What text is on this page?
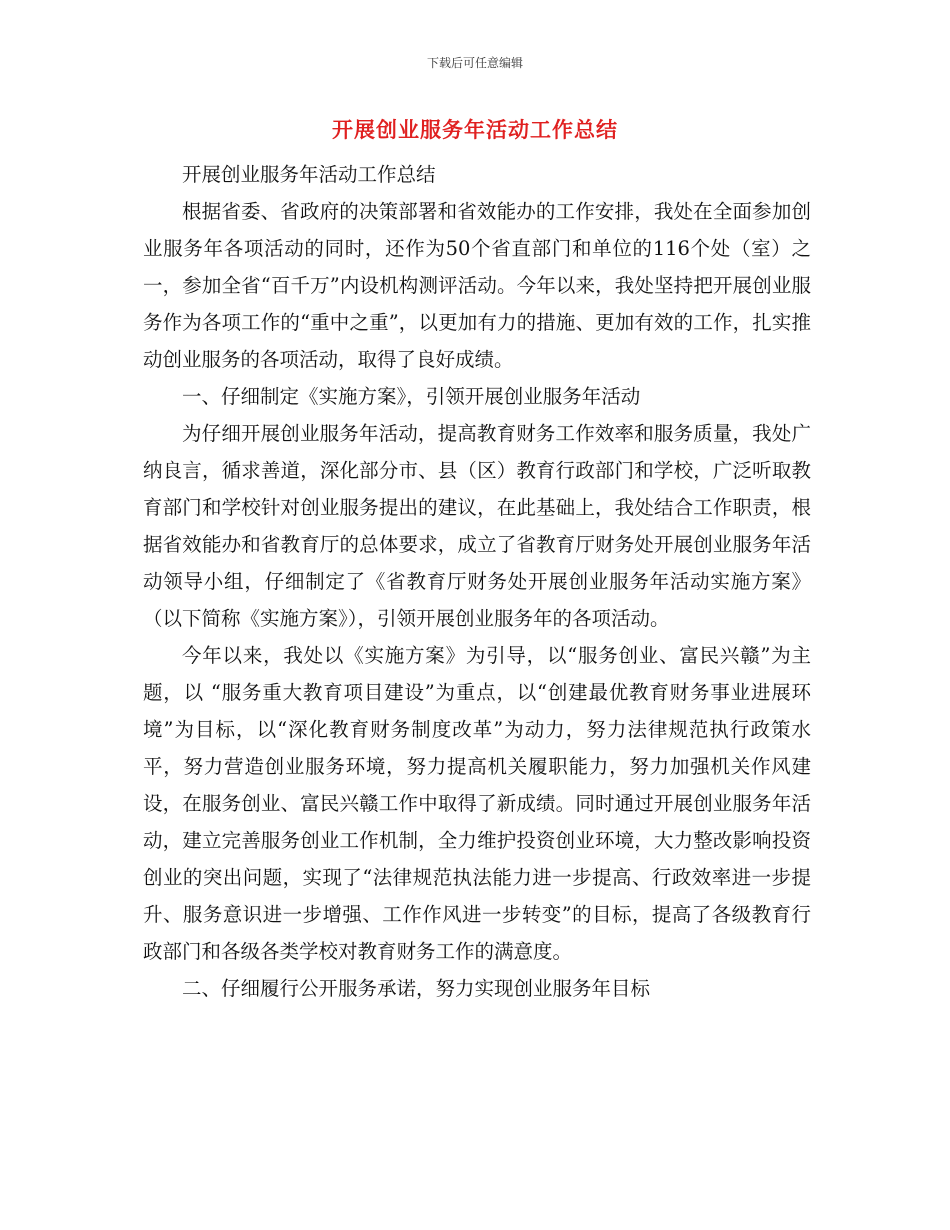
下载后可任意编辑
开展创业服务年活动工作总结

开展创业服务年活动工作总结

根据省委、省政府的决策部署和省效能办的工作安排，我处在全面参加创业服务年各项活动的同时，还作为50个省直部门和单位的116个处（室）之一，参加全省“百千万”内设机构测评活动。今年以来，我处坚持把开展创业服务作为各项工作的“重中之重”，以更加有力的措施、更加有效的工作，扎实推动创业服务的各项活动，取得了良好成绩。

一、仔细制定《实施方案》，引领开展创业服务年活动

为仔细开展创业服务年活动，提高教育财务工作效率和服务质量，我处广纳良言，循求善道，深化部分市、县（区）教育行政部门和学校，广泛听取教育部门和学校针对创业服务提出的建议，在此基础上，我处结合工作职责，根据省效能办和省教育厅的总体要求，成立了省教育厅财务处开展创业服务年活动领导小组，仔细制定了《省教育厅财务处开展创业服务年活动实施方案》（以下简称《实施方案》），引领开展创业服务年的各项活动。

今年以来，我处以《实施方案》为引导，以“服务创业、富民兴赣”为主题，以 “服务重大教育项目建设”为重点，以“创建最优教育财务事业进展环境”为目标，以“深化教育财务制度改革”为动力，努力法律规范执行政策水平，努力营造创业服务环境，努力提高机关履职能力，努力加强机关作风建设，在服务创业、富民兴赣工作中取得了新成绩。同时通过开展创业服务年活动，建立完善服务创业工作机制，全力维护投资创业环境，大力整改影响投资创业的突出问题，实现了“法律规范执法能力进一步提高、行政效率进一步提升、服务意识进一步增强、工作作风进一步转变”的目标，提高了各级教育行政部门和各级各类学校对教育财务工作的满意度。

二、仔细履行公开服务承诺，努力实现创业服务年目标
